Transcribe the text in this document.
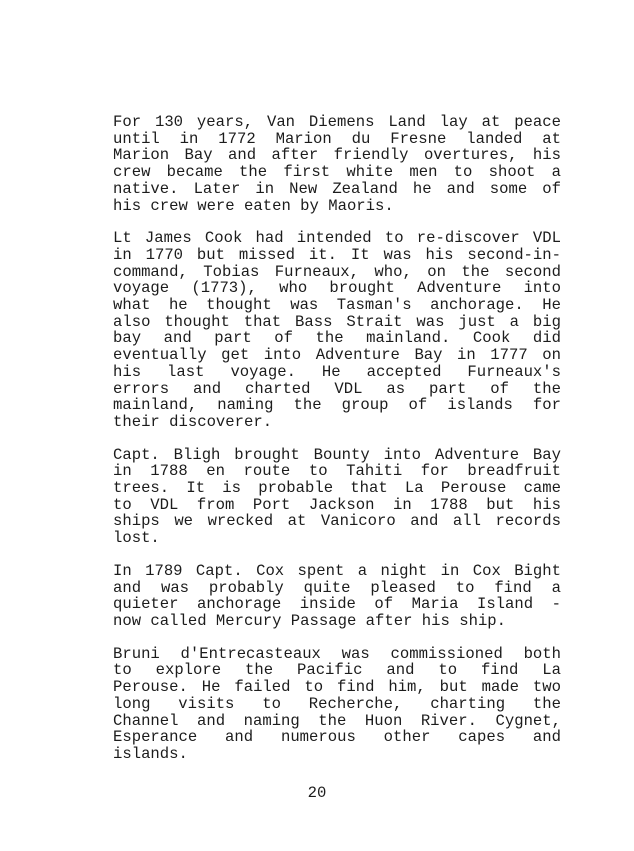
For 130 years, Van Diemens Land lay at peace
until in 1772 Marion du Fresne landed at
Marion Bay and after friendly overtures, his
crew became the first white men to shoot a
native. Later in New Zealand he and some of
his crew were eaten by Maoris.

Lt James Cook had intended to re-discover VDL
in 1770 but missed it. It was his second-in-
command, Tobias Furneaux, who, on the second
voyage (1773), who brought Adventure into
what he thought was Tasman's anchorage. He
also thought that Bass Strait was just a big
bay and part of the mainland. Cook did
eventually get into Adventure Bay in 1777 on
his last voyage. He accepted Furneaux's
errors and charted VDL as part of the
mainland, naming the group of islands for
their discoverer.

Capt. Bligh brought Bounty into Adventure Bay
in 1788 en route to Tahiti for breadfruit
trees. It is probable that La Perouse came
to VDL from Port Jackson in 1788 but his
ships we wrecked at Vanicoro and all records
lost.

In 1789 Capt. Cox spent a night in Cox Bight
and was probably quite pleased to find a
quieter anchorage inside of Maria Island -
now called Mercury Passage after his ship.

Bruni d'Entrecasteaux was commissioned both
to explore the Pacific and to find La
Perouse. He failed to find him, but made two
long visits to Recherche, charting the
Channel and naming the Huon River. Cygnet,
Esperance and numerous other capes and
islands.

20
